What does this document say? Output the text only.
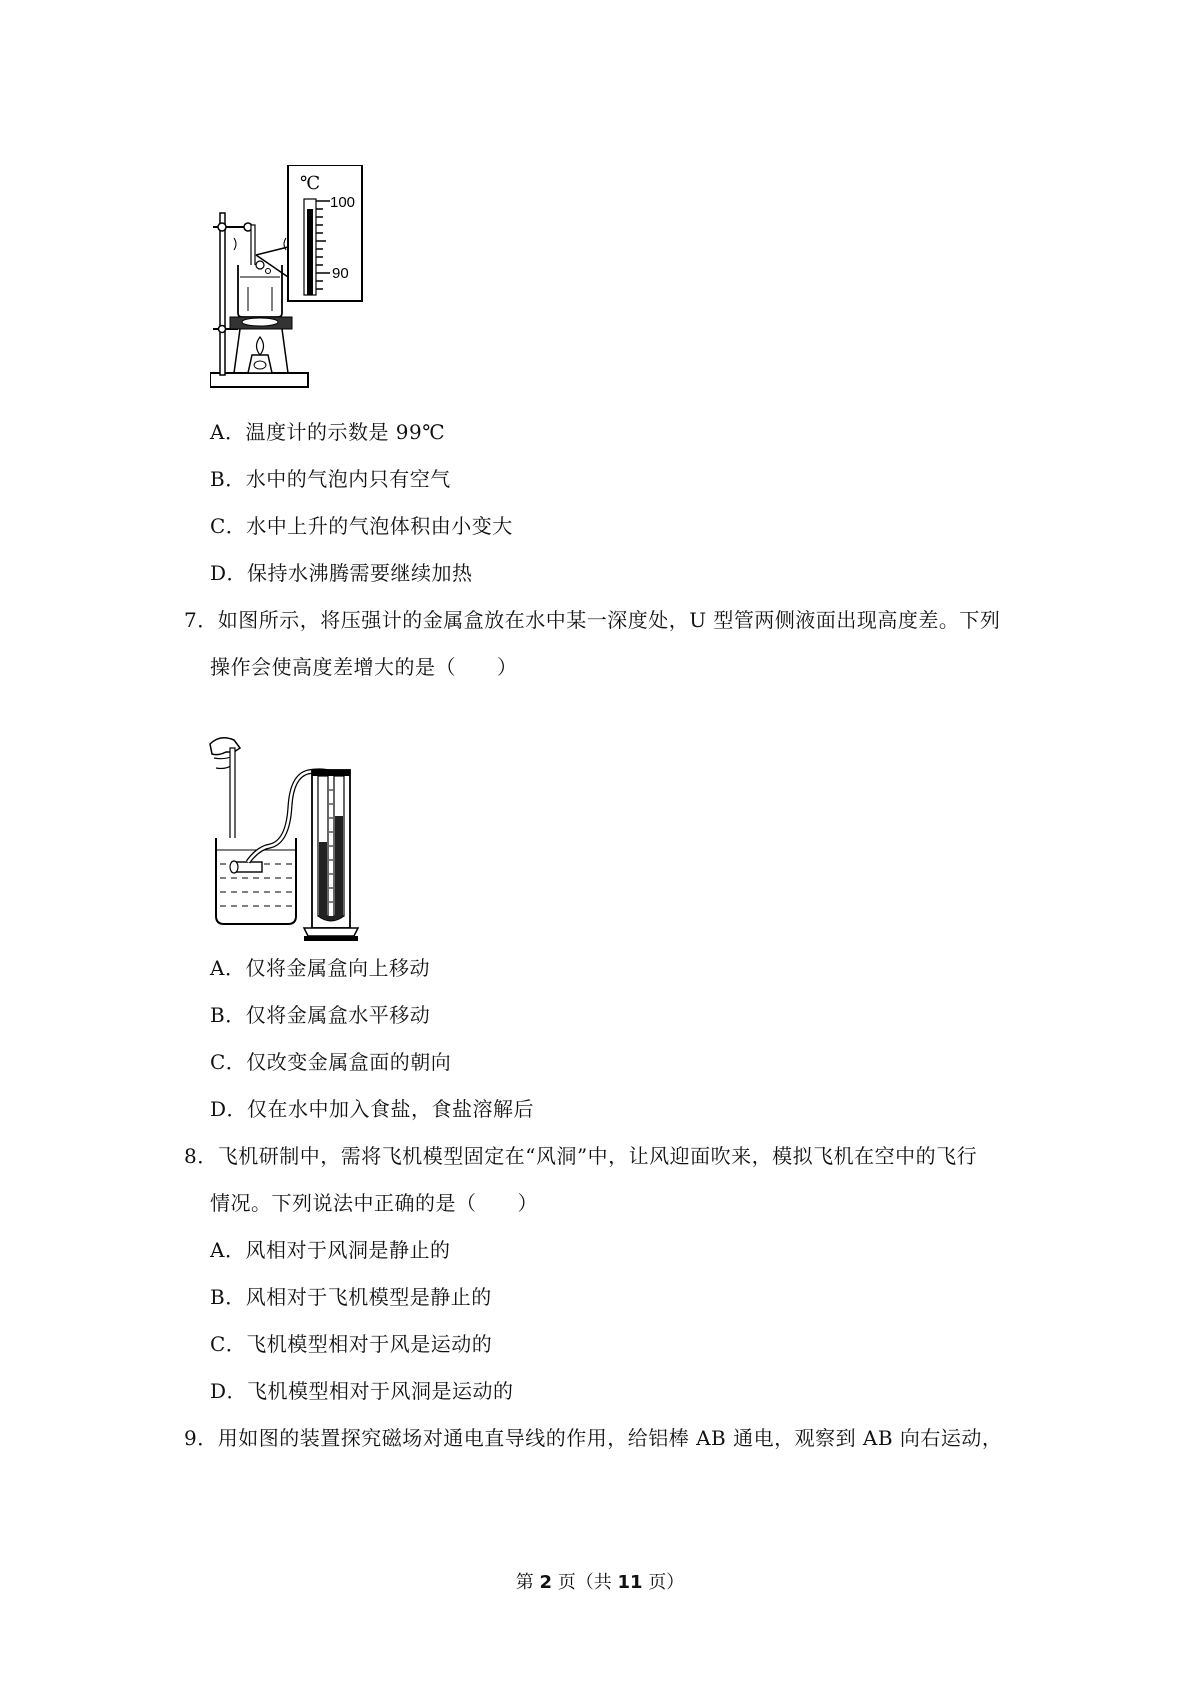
℃
100
90
A．温度计的示数是 99℃
B．水中的气泡内只有空气
C．水中上升的气泡体积由小变大
D．保持水沸腾需要继续加热
7．如图所示，将压强计的金属盒放在水中某一深度处，U 型管两侧液面出现高度差。下列
操作会使高度差增大的是（　　）
A．仅将金属盒向上移动
B．仅将金属盒水平移动
C．仅改变金属盒面的朝向
D．仅在水中加入食盐，食盐溶解后
8．飞机研制中，需将飞机模型固定在“风洞”中，让风迎面吹来，模拟飞机在空中的飞行
情况。下列说法中正确的是（　　）
A．风相对于风洞是静止的
B．风相对于飞机模型是静止的
C．飞机模型相对于风是运动的
D．飞机模型相对于风洞是运动的
9．用如图的装置探究磁场对通电直导线的作用，给铝棒 AB 通电，观察到 AB 向右运动，
第 2 页（共 11 页）
